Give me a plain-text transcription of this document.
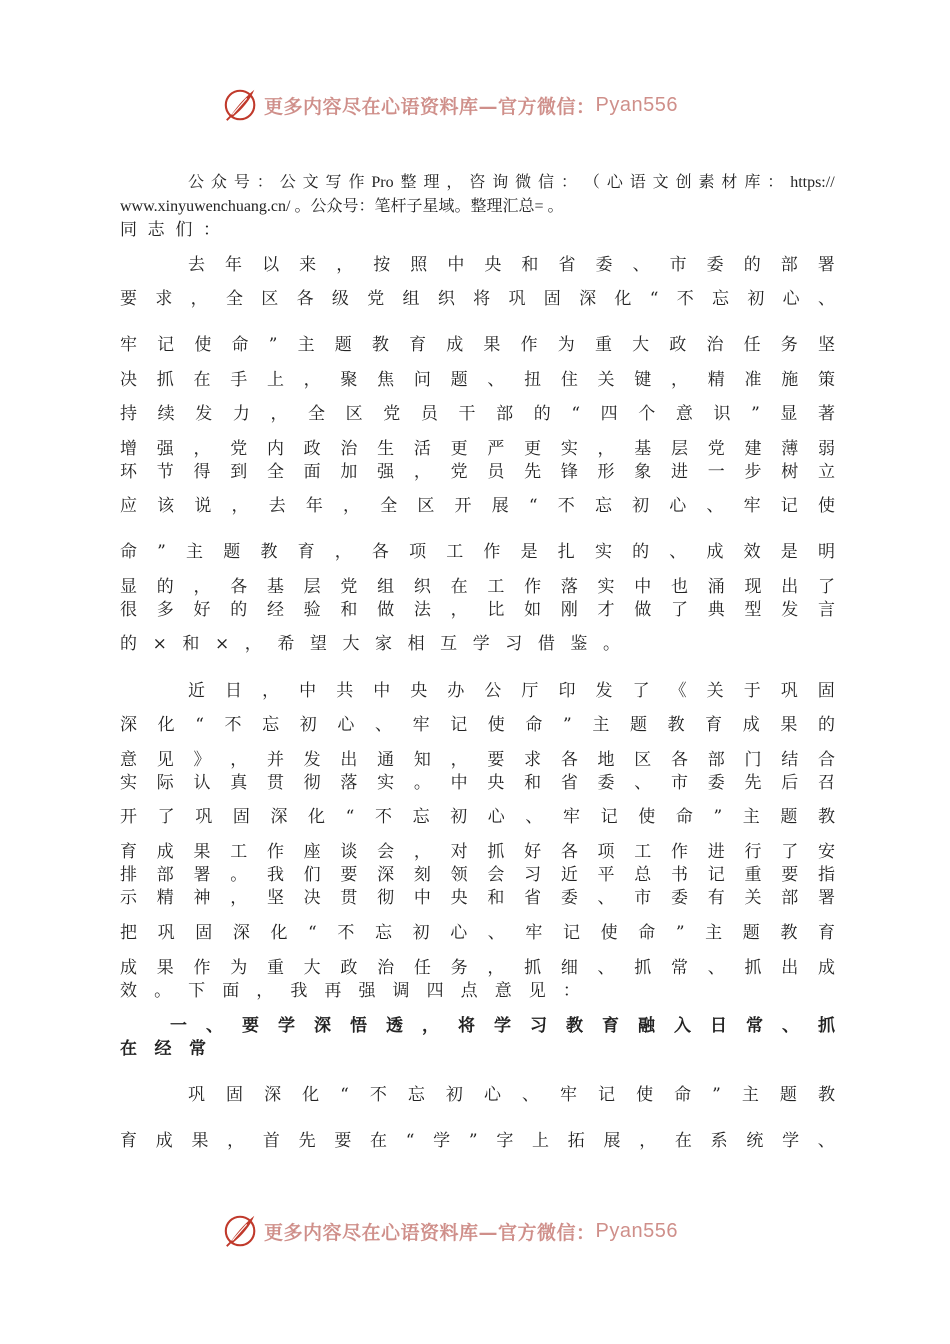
更多内容尽在心语资料库—官方微信： Pyan556

公 众 号 ： 公 文 写 作 Pro 整 理 ， 咨 询 微 信 ： （ 心 语 文 创 素 材 库 ： https://

www.xinyuwenchuang.cn/ 。公众号：笔杆子星域。整理汇总= 。

同 志 们 ：

去 年 以 来 ， 按 照 中 央 和 省 委 、 市 委 的 部 署

要 求 ， 全 区 各 级 党 组 织 将 巩 固 深 化 “ 不 忘 初 心 、

牢 记 使 命 ” 主 题 教 育 成 果 作 为 重 大 政 治 任 务 坚

决 抓 在 手 上 ， 聚 焦 问 题 、 扭 住 关 键 ， 精 准 施 策

持 续 发 力 ， 全 区 党 员 干 部 的 “ 四 个 意 识 ” 显 著

增 强 ， 党 内 政 治 生 活 更 严 更 实 ， 基 层 党 建 薄 弱

环 节 得 到 全 面 加 强 ， 党 员 先 锋 形 象 进 一 步 树 立

应 该 说 ， 去 年 ， 全 区 开 展 “ 不 忘 初 心 、 牢 记 使

命 ” 主 题 教 育 ， 各 项 工 作 是 扎 实 的 、 成 效 是 明

显 的 ， 各 基 层 党 组 织 在 工 作 落 实 中 也 涌 现 出 了

很 多 好 的 经 验 和 做 法 ， 比 如 刚 才 做 了 典 型 发 言

的 × 和 × ， 希 望 大 家 相 互 学 习 借 鉴 。

近 日 ， 中 共 中 央 办 公 厅 印 发 了 《 关 于 巩 固

深 化 “ 不 忘 初 心 、 牢 记 使 命 ” 主 题 教 育 成 果 的

意 见 》 ， 并 发 出 通 知 ， 要 求 各 地 区 各 部 门 结 合

实 际 认 真 贯 彻 落 实 。 中 央 和 省 委 、 市 委 先 后 召

开 了 巩 固 深 化 “ 不 忘 初 心 、 牢 记 使 命 ” 主 题 教

育 成 果 工 作 座 谈 会 ， 对 抓 好 各 项 工 作 进 行 了 安

排 部 署 。 我 们 要 深 刻 领 会 习 近 平 总 书 记 重 要 指

示 精 神 ， 坚 决 贯 彻 中 央 和 省 委 、 市 委 有 关 部 署

把 巩 固 深 化 “ 不 忘 初 心 、 牢 记 使 命 ” 主 题 教 育

成 果 作 为 重 大 政 治 任 务 ， 抓 细 、 抓 常 、 抓 出 成

效 。 下 面 ， 我 再 强 调 四 点 意 见 ：

一 、 要 学 深 悟 透 ， 将 学 习 教 育 融 入 日 常 、 抓

在 经 常

巩 固 深 化 “ 不 忘 初 心 、 牢 记 使 命 ” 主 题 教

育 成 果 ， 首 先 要 在 “ 学 ” 字 上 拓 展 ， 在 系 统 学 、

更多内容尽在心语资料库—官方微信： Pyan556
